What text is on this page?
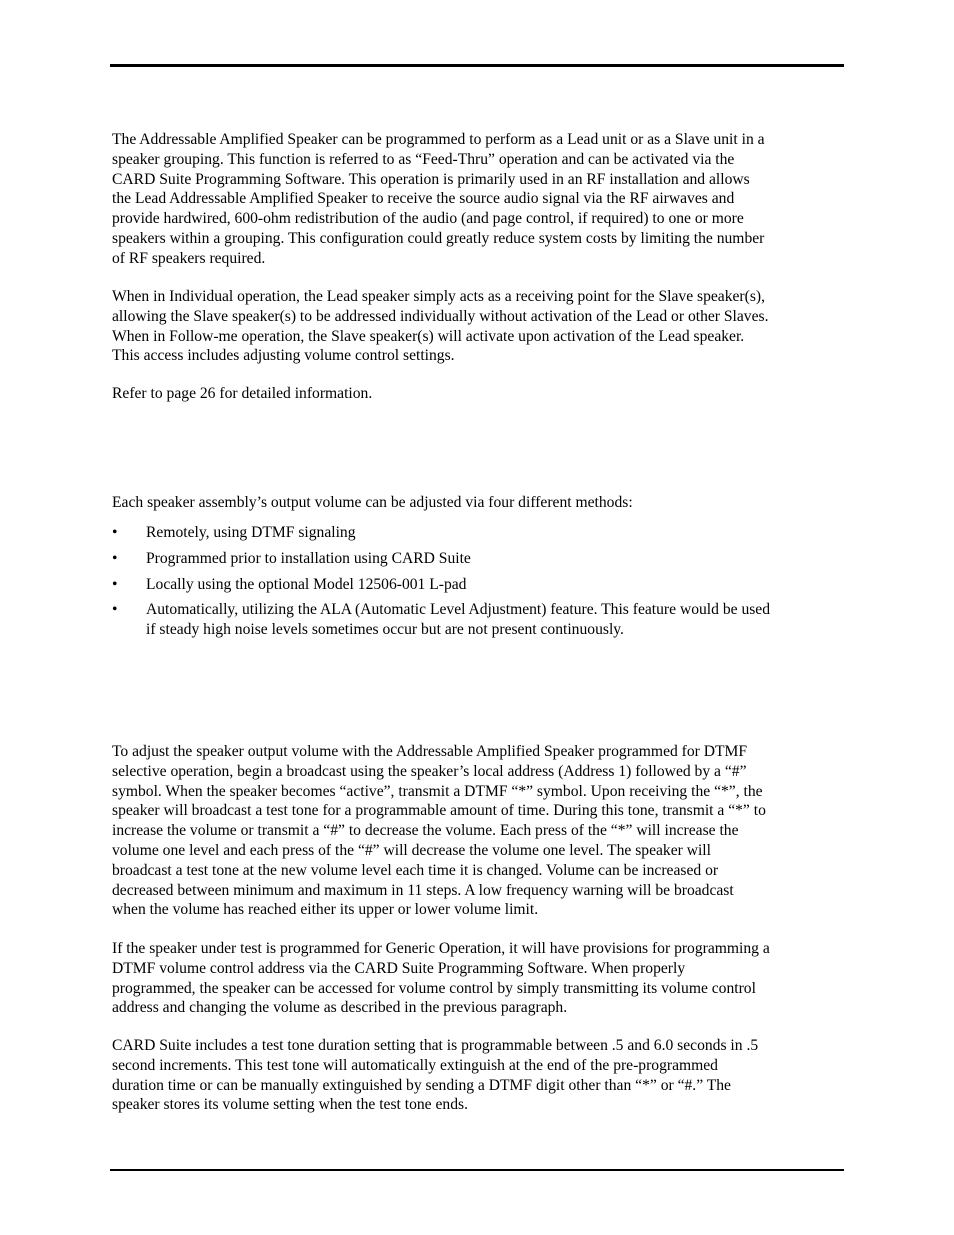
The Addressable Amplified Speaker can be programmed to perform as a Lead unit or as a Slave unit in a
speaker grouping. This function is referred to as “Feed-Thru” operation and can be activated via the
CARD Suite Programming Software. This operation is primarily used in an RF installation and allows
the Lead Addressable Amplified Speaker to receive the source audio signal via the RF airwaves and
provide hardwired, 600-ohm redistribution of the audio (and page control, if required) to one or more
speakers within a grouping. This configuration could greatly reduce system costs by limiting the number
of RF speakers required.
When in Individual operation, the Lead speaker simply acts as a receiving point for the Slave speaker(s),
allowing the Slave speaker(s) to be addressed individually without activation of the Lead or other Slaves.
When in Follow-me operation, the Slave speaker(s) will activate upon activation of the Lead speaker.
This access includes adjusting volume control settings.
Refer to page 26 for detailed information.
Each speaker assembly’s output volume can be adjusted via four different methods:
• Remotely, using DTMF signaling
• Programmed prior to installation using CARD Suite
• Locally using the optional Model 12506-001 L-pad
• Automatically, utilizing the ALA (Automatic Level Adjustment) feature. This feature would be used
if steady high noise levels sometimes occur but are not present continuously.
To adjust the speaker output volume with the Addressable Amplified Speaker programmed for DTMF
selective operation, begin a broadcast using the speaker’s local address (Address 1) followed by a “#”
symbol. When the speaker becomes “active”, transmit a DTMF “*” symbol. Upon receiving the “*”, the
speaker will broadcast a test tone for a programmable amount of time. During this tone, transmit a “*” to
increase the volume or transmit a “#” to decrease the volume. Each press of the “*” will increase the
volume one level and each press of the “#” will decrease the volume one level. The speaker will
broadcast a test tone at the new volume level each time it is changed. Volume can be increased or
decreased between minimum and maximum in 11 steps. A low frequency warning will be broadcast
when the volume has reached either its upper or lower volume limit.
If the speaker under test is programmed for Generic Operation, it will have provisions for programming a
DTMF volume control address via the CARD Suite Programming Software. When properly
programmed, the speaker can be accessed for volume control by simply transmitting its volume control
address and changing the volume as described in the previous paragraph.
CARD Suite includes a test tone duration setting that is programmable between .5 and 6.0 seconds in .5
second increments. This test tone will automatically extinguish at the end of the pre-programmed
duration time or can be manually extinguished by sending a DTMF digit other than “*” or “#.” The
speaker stores its volume setting when the test tone ends.
